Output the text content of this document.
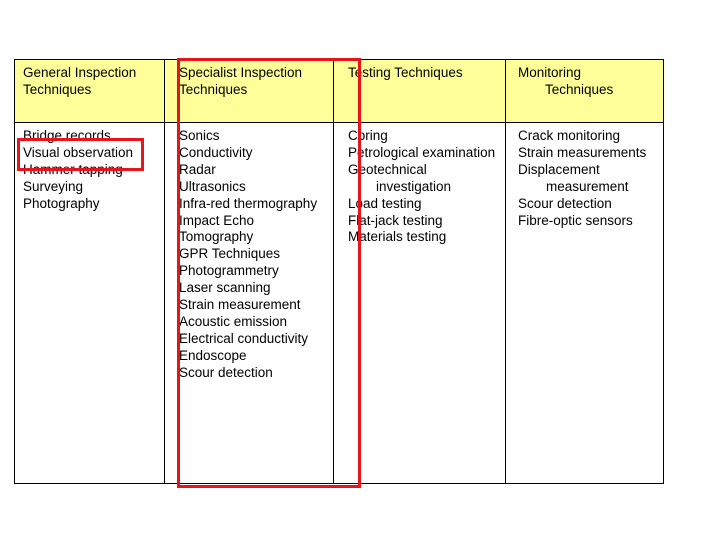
General Inspection
Techniques
Specialist Inspection
Techniques
Testing Techniques	Monitoring
Techniques
Bridge records
Visual observation
Hammer tapping
Surveying
Photography
Sonics
Conductivity
Radar
Ultrasonics
Infra-red thermography
Impact Echo
Tomography
GPR Techniques
Photogrammetry
Laser scanning
Strain measurement
Acoustic emission
Electrical conductivity
Endoscope
Scour detection
Coring
Petrological examination
Geotechnical
investigation
Load testing
Flat-jack testing
Materials testing
Crack monitoring
Strain measurements
Displacement
measurement
Scour detection
Fibre-optic sensors
